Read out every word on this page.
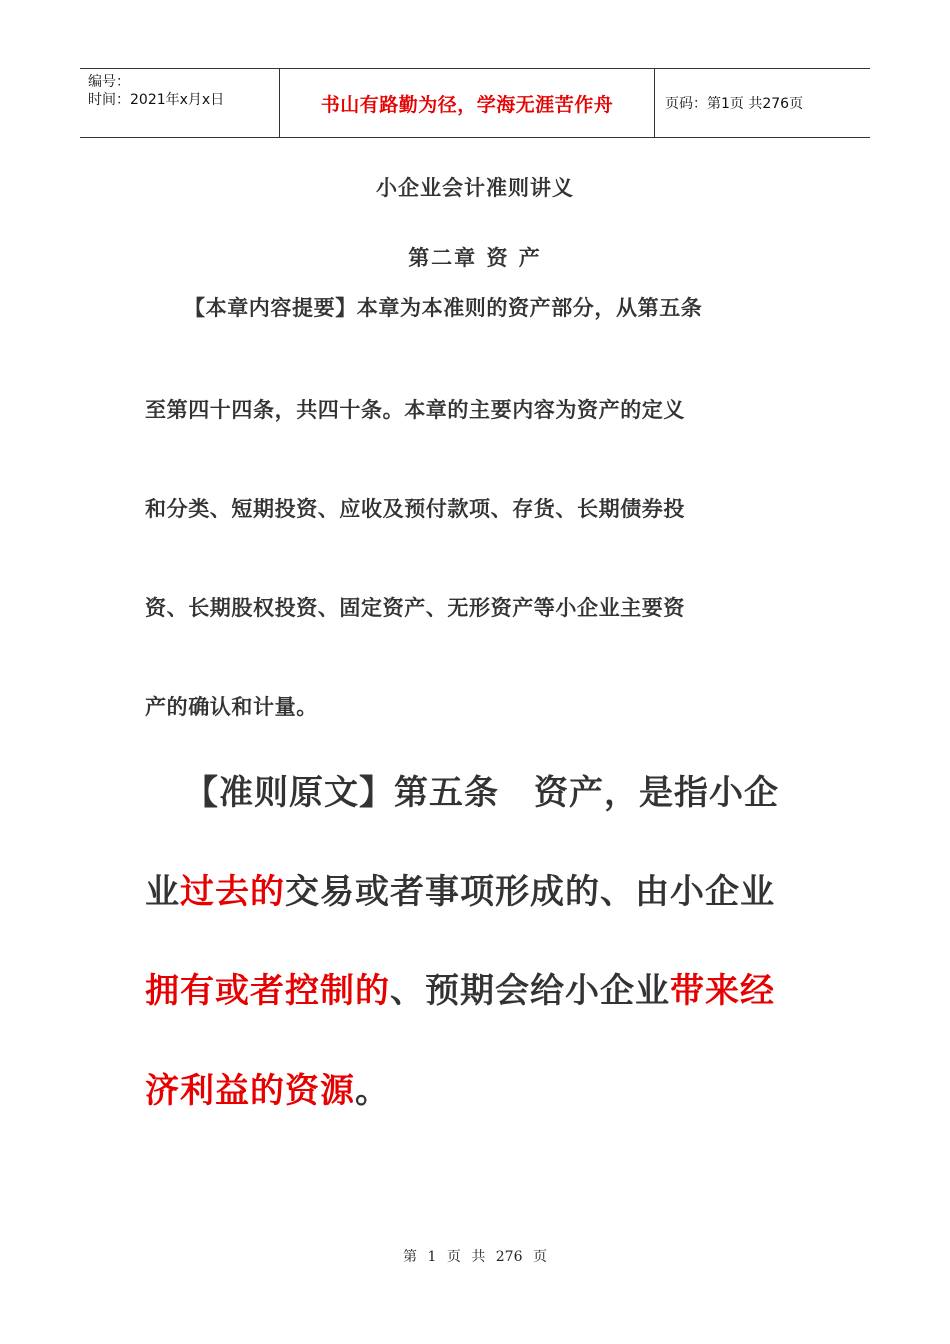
编号：
时间：2021年x月x日	书山有路勤为径，学海无涯苦作舟	页码：第1页 共276页
小企业会计准则讲义
第二章 资 产
【本章内容提要】本章为本准则的资产部分，从第五条
至第四十四条，共四十条。本章的主要内容为资产的定义
和分类、短期投资、应收及预付款项、存货、长期债券投
资、长期股权投资、固定资产、无形资产等小企业主要资
产的确认和计量。
【准则原文】第五条　资产，是指小企
业过去的交易或者事项形成的、由小企业
拥有或者控制的、预期会给小企业带来经
济利益的资源。
第 1 页 共 276 页
